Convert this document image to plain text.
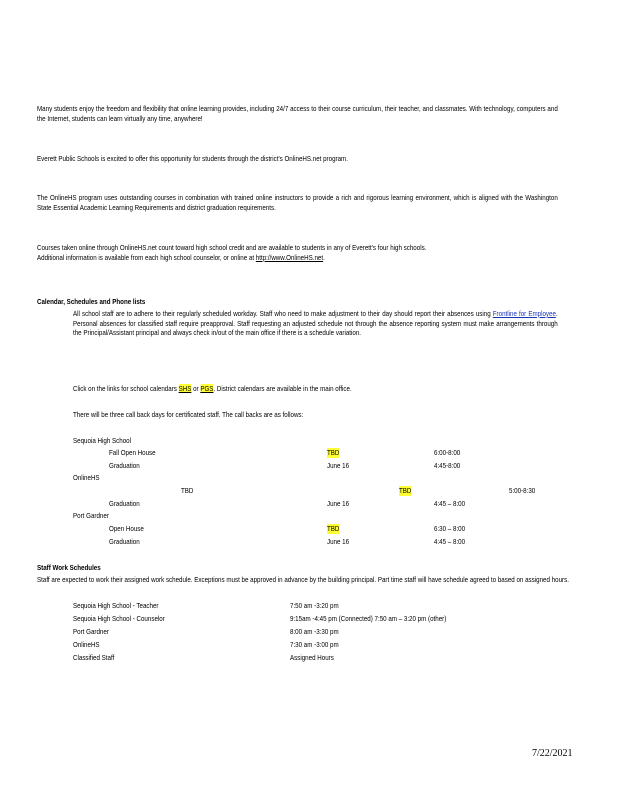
Many students enjoy the freedom and flexibility that online learning provides, including 24/7 access to their course curriculum, their teacher, and classmates. With technology, computers and the Internet, students can learn virtually any time, anywhere!

Everett Public Schools is excited to offer this opportunity for students through the district's OnlineHS.net program.

The OnlineHS program uses outstanding courses in combination with trained online instructors to provide a rich and rigorous learning environment, which is aligned with the Washington State Essential Academic Learning Requirements and district graduation requirements.

Courses taken online through OnlineHS.net count toward high school credit and are available to students in any of Everett's four high schools.

Additional information is available from each high school counselor, or online at http://www.OnlineHS.net.

Calendar, Schedules and Phone lists

All school staff are to adhere to their regularly scheduled workday. Staff who need to make adjustment to their day should report their absences using Frontline for Employee. Personal absences for classified staff require preapproval. Staff requesting an adjusted schedule not through the absence reporting system must make arrangements through the Principal/Assistant principal and always check in/out of the main office if there is a schedule variation.

Click on the links for school calendars SHS or PGS. District calendars are available in the main office.
There will be three call back days for certificated staff. The call backs are as follows:
Sequoia High School
Fall Open House	TBD	6:00-8:00
Graduation	June 16	4:45-8:00
OnlineHS
TBD	TBD	5:00-8:30
Graduation	June 16	4:45 – 8:00
Port Gardner
Open House	TBD	6:30 – 8:00
Graduation	June 16	4:45 – 8:00
Staff Work Schedules

Staff are expected to work their assigned work schedule. Exceptions must be approved in advance by the building principal. Part time staff will have schedule agreed to based on assigned hours.

Sequoia High School - Teacher	7:50 am -3:20 pm
Sequoia High School - Counselor	9:15am -4:45 pm (Connected) 7:50 am – 3:20 pm (other)
Port Gardner	8:00 am -3:30 pm
OnlineHS	7:30 am -3:00 pm
Classified Staff	Assigned Hours
7/22/2021
